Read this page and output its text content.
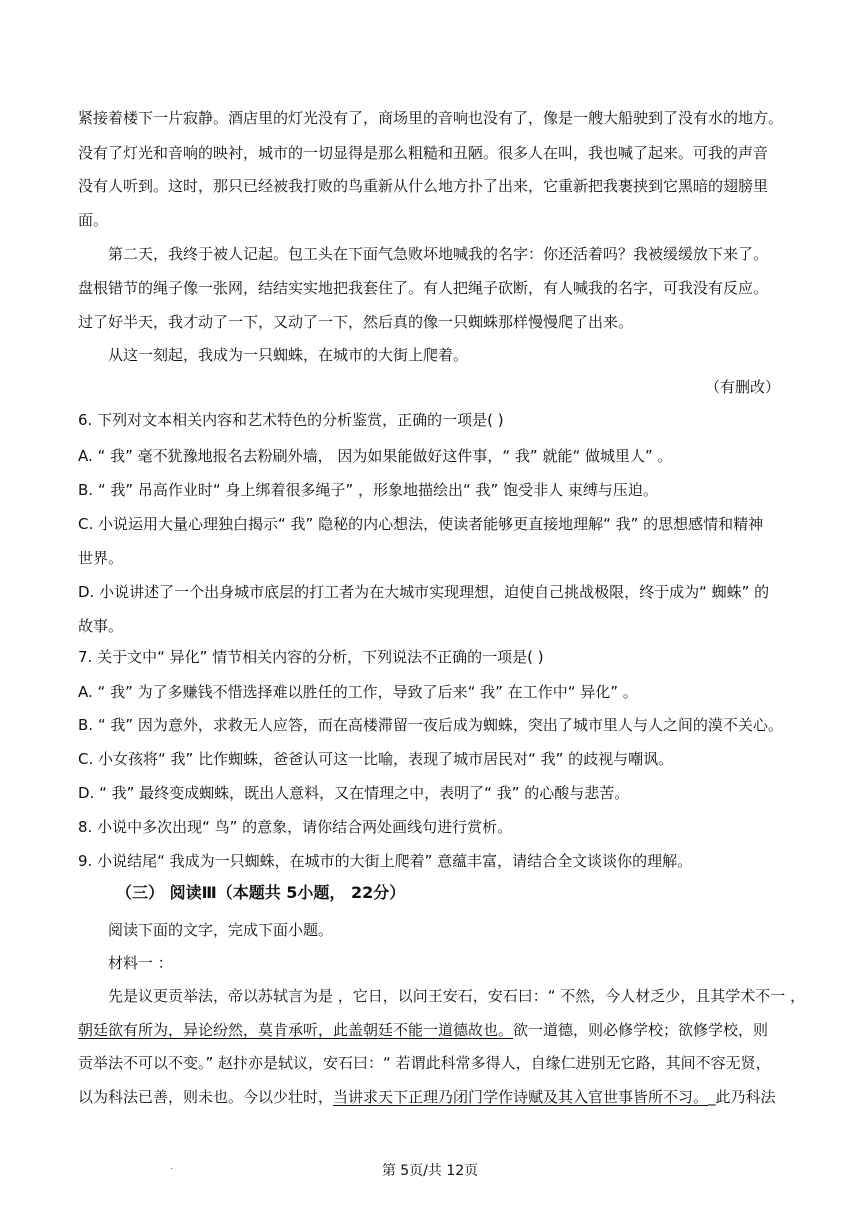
紧接着楼下一片寂静。酒店里的灯光没有了，商场里的音响也没有了，像是一艘大船驶到了没有水的地方。
没有了灯光和音响的映衬，城市的一切显得是那么粗糙和丑陋。很多人在叫，我也喊了起来。可我的声音
没有人听到。这时，那只已经被我打败的鸟重新从什么地方扑了出来，它重新把我裹挟到它黑暗的翅膀里
面。
第二天，我终于被人记起。包工头在下面气急败坏地喊我的名字：你还活着吗？我被缓缓放下来了。
盘根错节的绳子像一张网，结结实实地把我套住了。有人把绳子砍断，有人喊我的名字，可我没有反应。
过了好半天，我才动了一下，又动了一下，然后真的像一只蜘蛛那样慢慢爬了出来。
从这一刻起，我成为一只蜘蛛，在城市的大街上爬着。
（有删改）
6. 下列对文本相关内容和艺术特色的分析鉴赏，正确的一项是( )
A. “ 我” 毫不犹豫地报名去粉刷外墙， 因为如果能做好这件事，“ 我” 就能“ 做城里人” 。
B. “ 我” 吊高作业时“ 身上绑着很多绳子” ，形象地描绘出“ 我” 饱受非人 束缚与压迫。
C. 小说运用大量心理独白揭示“ 我” 隐秘的内心想法，使读者能够更直接地理解“ 我” 的思想感情和精神
世界。
D. 小说讲述了一个出身城市底层的打工者为在大城市实现理想，迫使自己挑战极限，终于成为“ 蜘蛛” 的
故事。
7. 关于文中“ 异化” 情节相关内容的分析，下列说法不正确的一项是( )
A. “ 我” 为了多赚钱不惜选择难以胜任的工作，导致了后来“ 我” 在工作中“ 异化” 。
B. “ 我” 因为意外，求救无人应答，而在高楼滞留一夜后成为蜘蛛，突出了城市里人与人之间的漠不关心。
C. 小女孩将“ 我” 比作蜘蛛，爸爸认可这一比喻，表现了城市居民对“ 我” 的歧视与嘲讽。
D. “ 我” 最终变成蜘蛛，既出人意料，又在情理之中，表明了“ 我” 的心酸与悲苦。
8. 小说中多次出现“ 鸟” 的意象，请你结合两处画线句进行赏析。
9. 小说结尾“ 我成为一只蜘蛛，在城市的大街上爬着” 意蕴丰富，请结合全文谈谈你的理解。
（三） 阅读Ⅲ（本题共 5小题， 22分）
阅读下面的文字，完成下面小题。
材料一 ：
先是议更贡举法，帝以苏轼言为是 ，它日，以问王安石，安石曰：“ 不然，今人材乏少，且其学术不一 ，
朝廷欲有所为，异论纷然，莫肯承听，此盖朝廷不能一道德故也。欲一道德，则必修学校；欲修学校，则
贡举法不可以不变。” 赵抃亦是轼议，安石曰：“ 若谓此科常多得人，自缘仁进别无它路，其间不容无贤，
以为科法已善，则未也。今以少壮时，当讲求天下正理乃闭门学作诗赋及其入官世事皆所不习。_此乃科法
·	第 5页/共 12页
